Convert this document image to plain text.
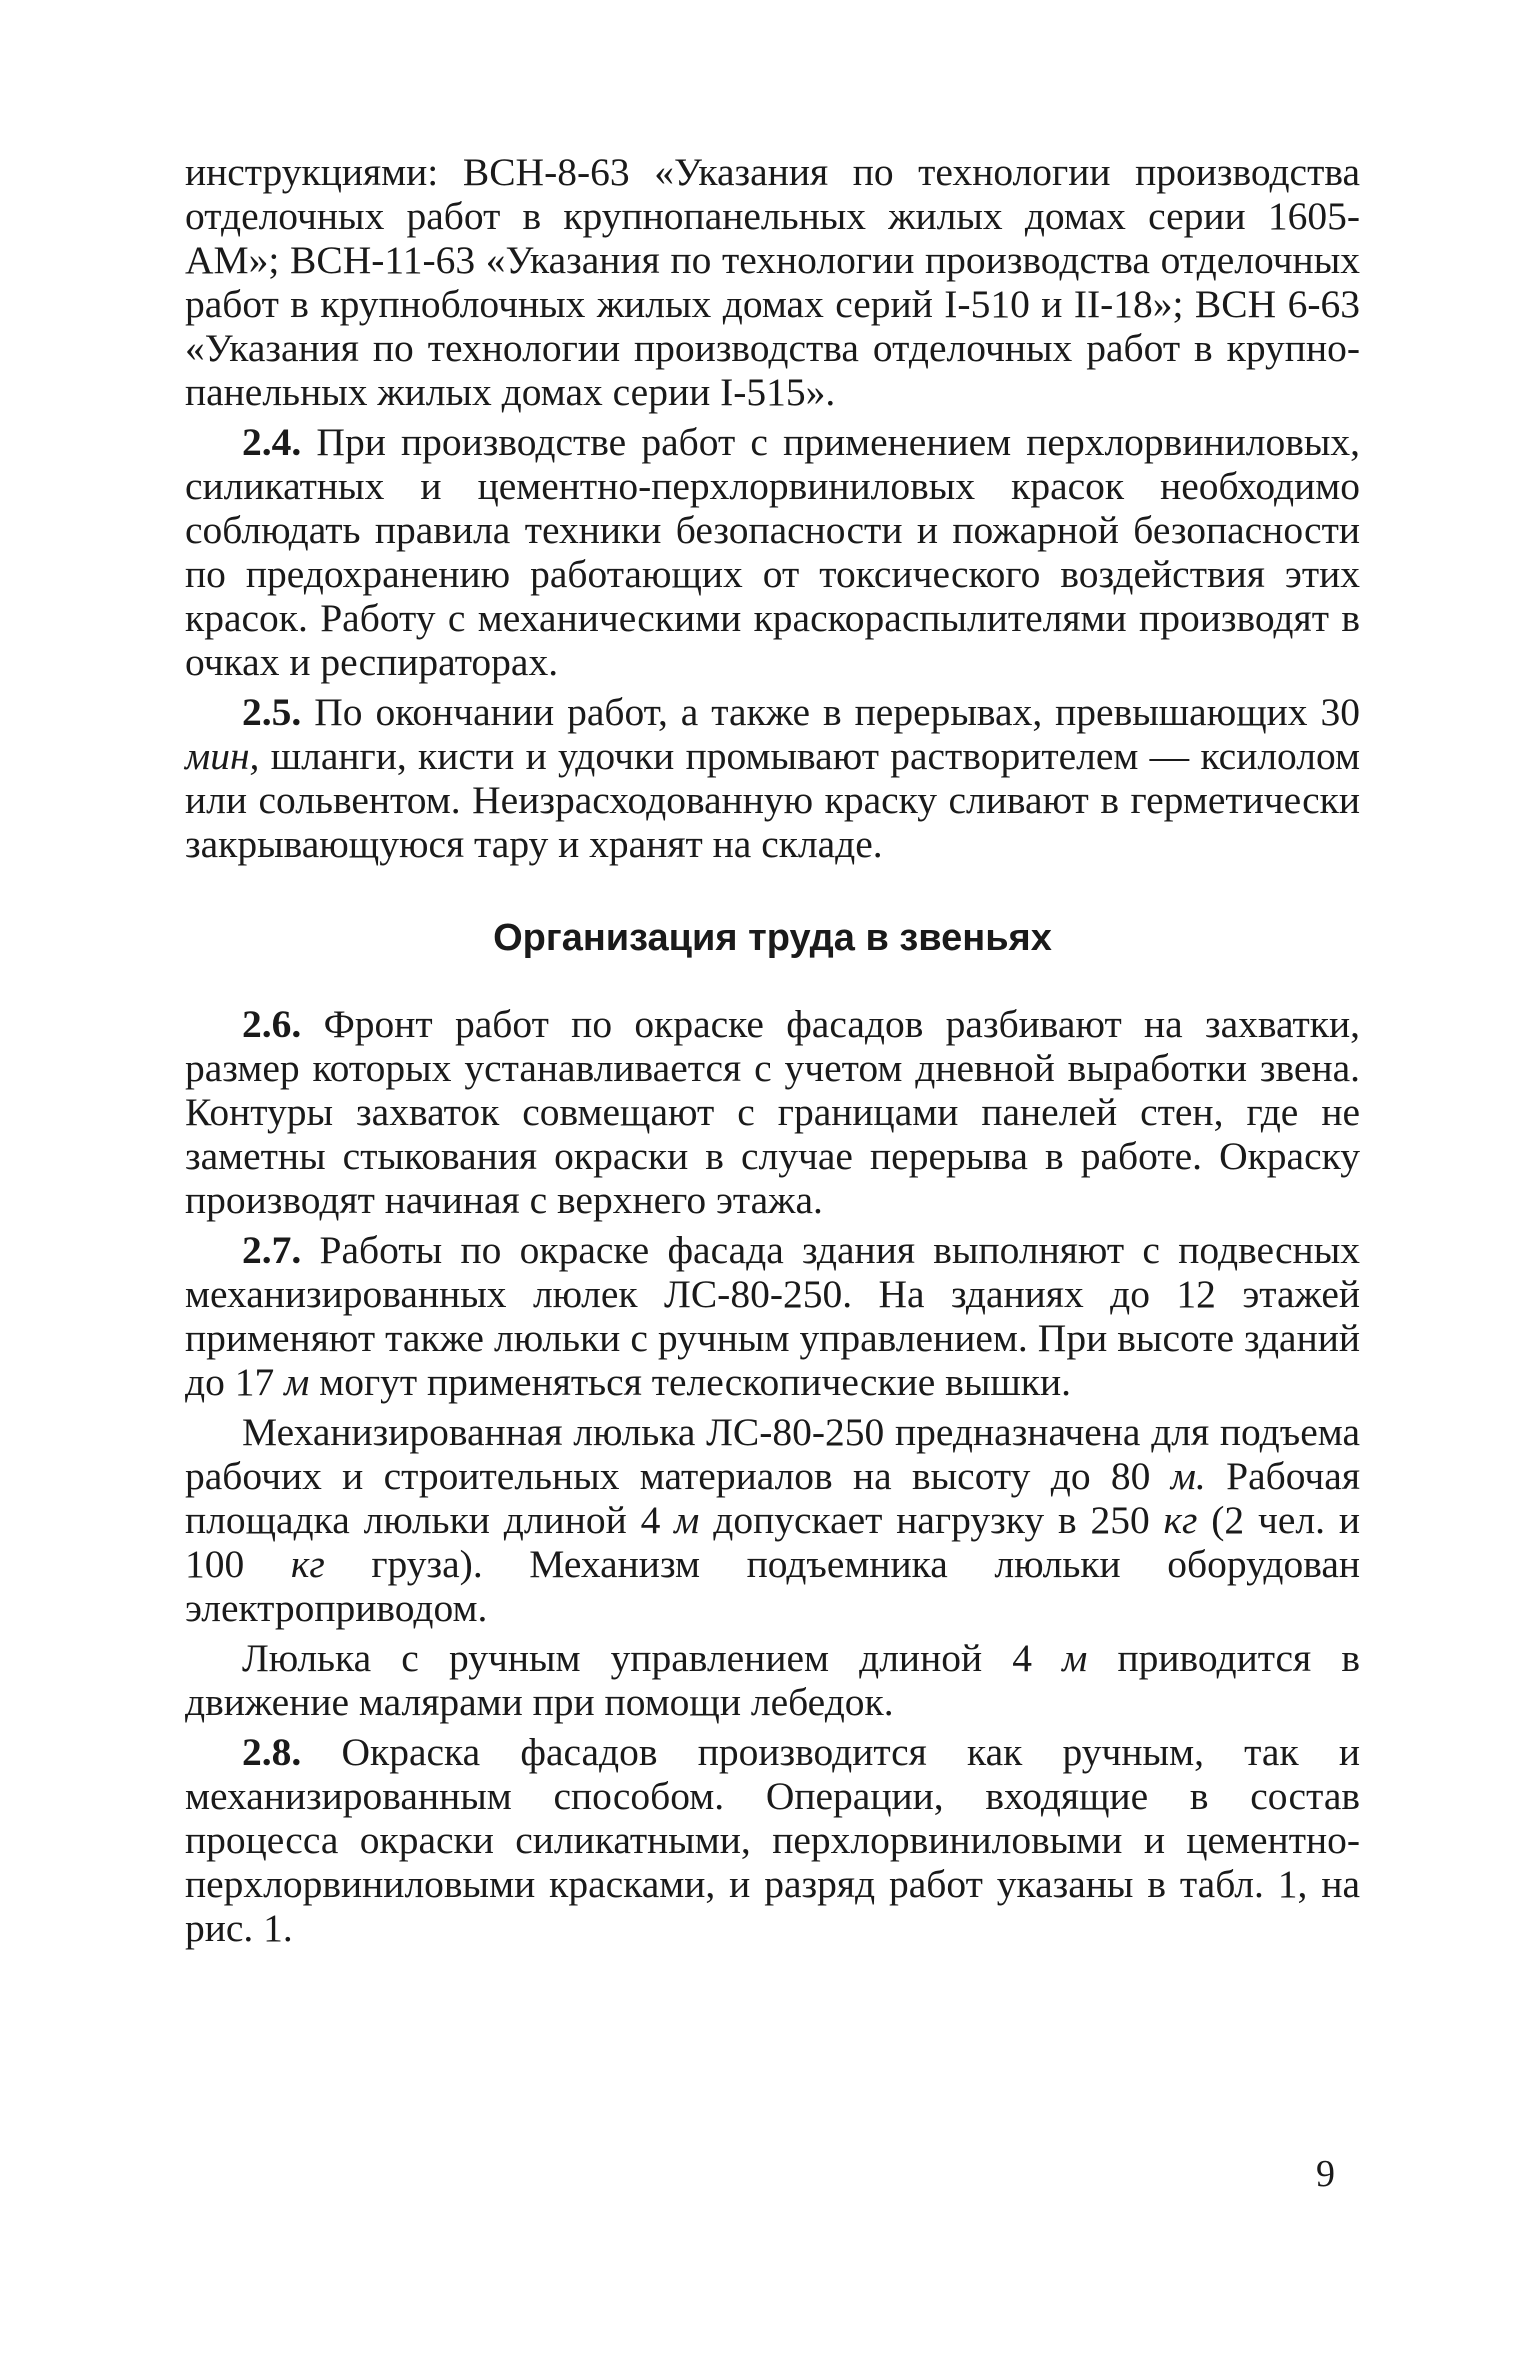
инструкциями: ВСН-8-63 «Указания по технологии производства отделочных работ в крупнопанельных жилых домах серии 1605-АМ»; ВСН-11-63 «Указания по технологии производства отделочных работ в крупноблочных жилых домах серий I-510 и II-18»; ВСН 6-63 «Указания по технологии производства отделочных работ в крупнопанельных жилых домах серии I-515».

2.4. При производстве работ с применением перхлорвиниловых, силикатных и цементно-перхлорвиниловых красок необходимо соблюдать правила техники безопасности и пожарной безопасности по предохранению работающих от токсического воздействия этих красок. Работу с механическими краскораспылителями производят в очках и респираторах.

2.5. По окончании работ, а также в перерывах, превышающих 30 мин, шланги, кисти и удочки промывают растворителем — ксилолом или сольвентом. Неизрасходованную краску сливают в герметически закрывающуюся тару и хранят на складе.

Организация труда в звеньях

2.6. Фронт работ по окраске фасадов разбивают на захватки, размер которых устанавливается с учетом дневной выработки звена. Контуры захваток совмещают с границами панелей стен, где не заметны стыкования окраски в случае перерыва в работе. Окраску производят начиная с верхнего этажа.

2.7. Работы по окраске фасада здания выполняют с подвесных механизированных люлек ЛС-80-250. На зданиях до 12 этажей применяют также люльки с ручным управлением. При высоте зданий до 17 м могут применяться телескопические вышки.

Механизированная люлька ЛС-80-250 предназначена для подъема рабочих и строительных материалов на высоту до 80 м. Рабочая площадка люльки длиной 4 м допускает нагрузку в 250 кг (2 чел. и 100 кг груза). Механизм подъемника люльки оборудован электроприводом.

Люлька с ручным управлением длиной 4 м приводится в движение малярами при помощи лебедок.

2.8. Окраска фасадов производится как ручным, так и механизированным способом. Операции, входящие в состав процесса окраски силикатными, перхлорвиниловыми и цементно-перхлорвиниловыми красками, и разряд работ указаны в табл. 1, на рис. 1.

9
